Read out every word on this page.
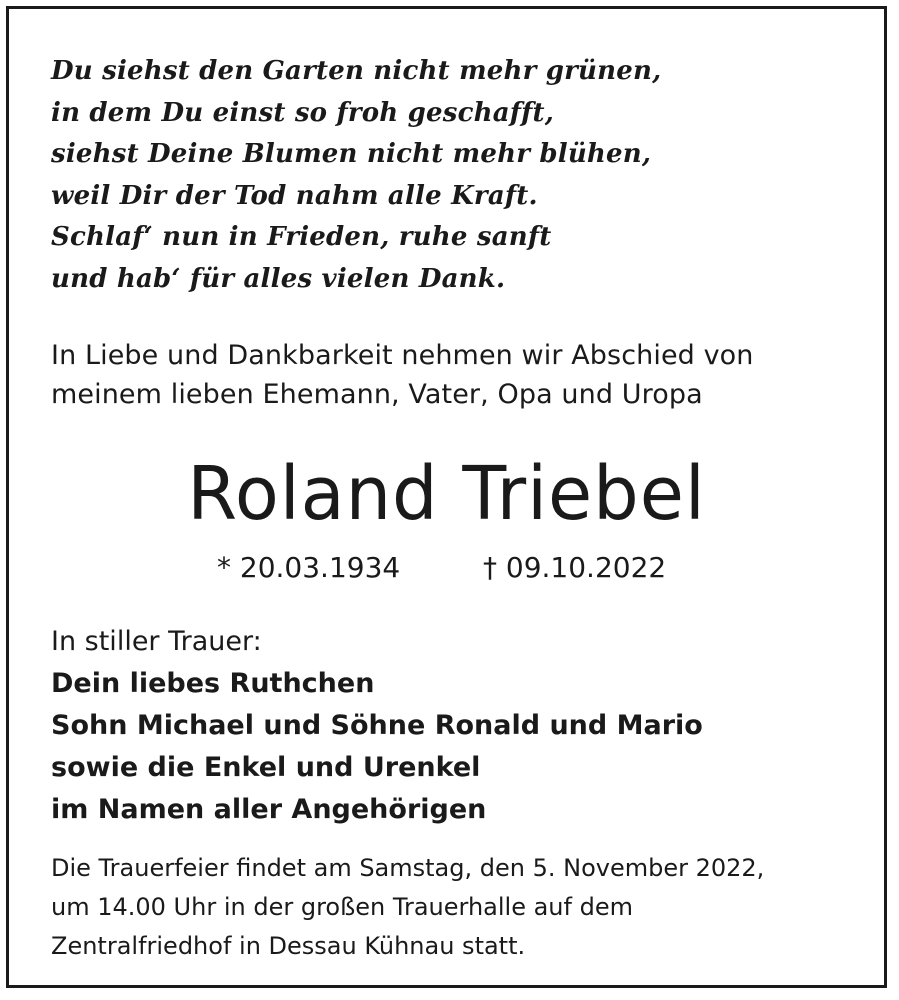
Du siehst den Garten nicht mehr grünen,
in dem Du einst so froh geschafft,
siehst Deine Blumen nicht mehr blühen,
weil Dir der Tod nahm alle Kraft.
Schlaf‘ nun in Frieden, ruhe sanft
und hab‘ für alles vielen Dank.
In Liebe und Dankbarkeit nehmen wir Abschied von
meinem lieben Ehemann, Vater, Opa und Uropa
Roland Triebel
* 20.03.1934	† 09.10.2022
In stiller Trauer:
Dein liebes Ruthchen
Sohn Michael und Söhne Ronald und Mario
sowie die Enkel und Urenkel
im Namen aller Angehörigen
Die Trauerfeier findet am Samstag, den 5. November 2022,
um 14.00 Uhr in der großen Trauerhalle auf dem
Zentralfriedhof in Dessau Kühnau statt.
